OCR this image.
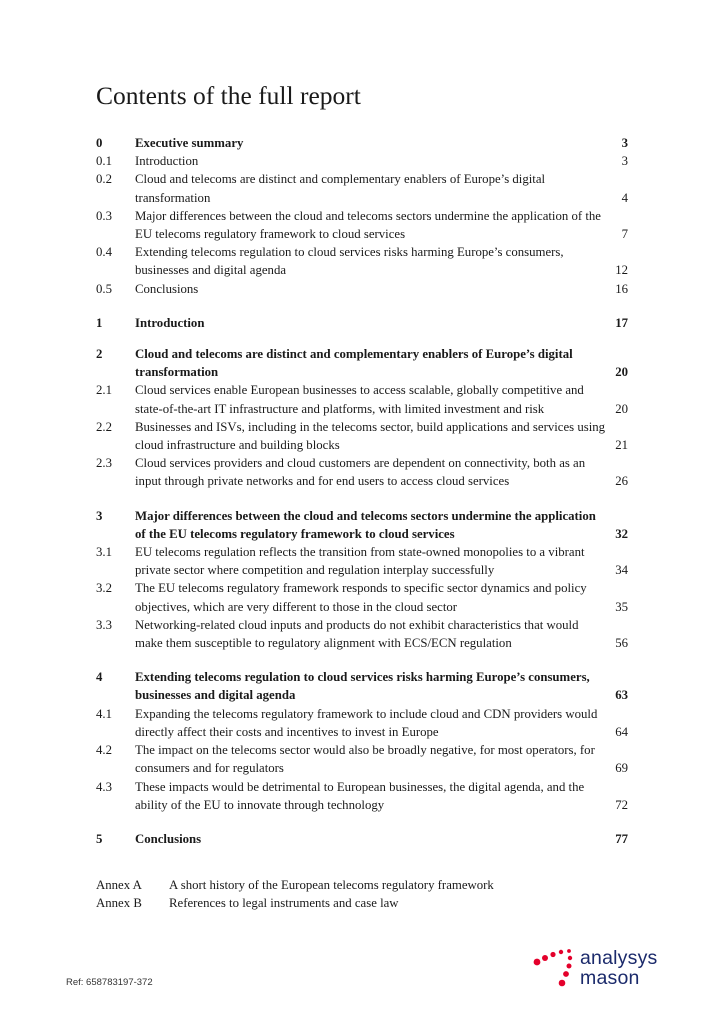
Contents of the full report
0	Executive summary	3
0.1 Introduction	3
0.2 Cloud and telecoms are distinct and complementary enablers of Europe’s digital transformation	4
0.3 Major differences between the cloud and telecoms sectors undermine the application of the EU telecoms regulatory framework to cloud services	7
0.4 Extending telecoms regulation to cloud services risks harming Europe’s consumers, businesses and digital agenda	12
0.5 Conclusions	16
1	Introduction	17
2	Cloud and telecoms are distinct and complementary enablers of Europe’s digital transformation	20
2.1 Cloud services enable European businesses to access scalable, globally competitive and state-of-the-art IT infrastructure and platforms, with limited investment and risk	20
2.2 Businesses and ISVs, including in the telecoms sector, build applications and services using cloud infrastructure and building blocks	21
2.3 Cloud services providers and cloud customers are dependent on connectivity, both as an input through private networks and for end users to access cloud services	26
3	Major differences between the cloud and telecoms sectors undermine the application of the EU telecoms regulatory framework to cloud services	32
3.1 EU telecoms regulation reflects the transition from state-owned monopolies to a vibrant private sector where competition and regulation interplay successfully	34
3.2 The EU telecoms regulatory framework responds to specific sector dynamics and policy objectives, which are very different to those in the cloud sector	35
3.3 Networking-related cloud inputs and products do not exhibit characteristics that would make them susceptible to regulatory alignment with ECS/ECN regulation	56
4	Extending telecoms regulation to cloud services risks harming Europe’s consumers, businesses and digital agenda	63
4.1 Expanding the telecoms regulatory framework to include cloud and CDN providers would directly affect their costs and incentives to invest in Europe	64
4.2 The impact on the telecoms sector would also be broadly negative, for most operators, for consumers and for regulators	69
4.3 These impacts would be detrimental to European businesses, the digital agenda, and the ability of the EU to innovate through technology	72
5	Conclusions	77
Annex A A short history of the European telecoms regulatory framework
Annex B References to legal instruments and case law
Ref: 658783197-372
analysys
mason
